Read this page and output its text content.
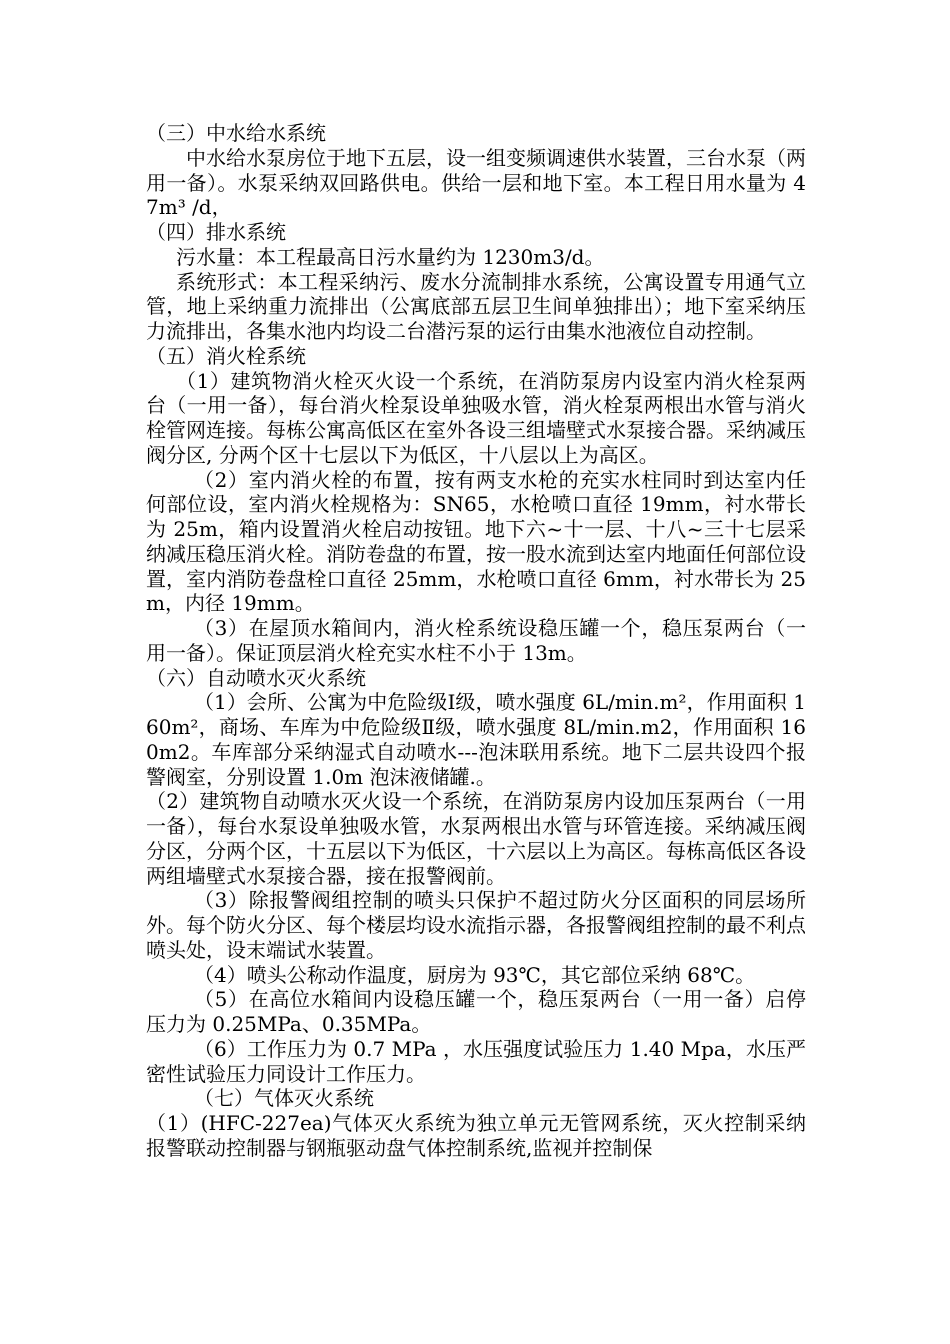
（三）中水给水系统

中水给水泵房位于地下五层，设一组变频调速供水装置，三台水泵（两用一备）。水泵采纳双回路供电。供给一层和地下室。本工程日用水量为 47m³ /d，

（四）排水系统

污水量：本工程最高日污水量约为 1230m3/d。

系统形式：本工程采纳污、废水分流制排水系统，公寓设置专用通气立管，地上采纳重力流排出（公寓底部五层卫生间单独排出）；地下室采纳压力流排出，各集水池内均设二台潜污泵的运行由集水池液位自动控制。

（五）消火栓系统

（1）建筑物消火栓灭火设一个系统，在消防泵房内设室内消火栓泵两台（一用一备），每台消火栓泵设单独吸水管，消火栓泵两根出水管与消火栓管网连接。每栋公寓高低区在室外各设三组墙壁式水泵接合器。采纳减压阀分区, 分两个区十七层以下为低区，十八层以上为高区。

（2）室内消火栓的布置，按有两支水枪的充实水柱同时到达室内任何部位设，室内消火栓规格为：SN65，水枪喷口直径 19mm，衬水带长为 25m，箱内设置消火栓启动按钮。地下六~十一层、十八~三十七层采纳减压稳压消火栓。消防卷盘的布置，按一股水流到达室内地面任何部位设置，室内消防卷盘栓口直径 25mm，水枪喷口直径 6mm，衬水带长为 25m，内径 19mm。

（3）在屋顶水箱间内，消火栓系统设稳压罐一个，稳压泵两台（一用一备）。保证顶层消火栓充实水柱不小于 13m。

（六）自动喷水灭火系统

（1）会所、公寓为中危险级Ⅰ级，喷水强度 6L/min.m²，作用面积 160m²，商场、车库为中危险级Ⅱ级，喷水强度 8L/min.m2，作用面积 160m2。车库部分采纳湿式自动喷水---泡沫联用系统。地下二层共设四个报警阀室，分别设置 1.0m 泡沫液储罐.。

（2）建筑物自动喷水灭火设一个系统，在消防泵房内设加压泵两台（一用一备），每台水泵设单独吸水管，水泵两根出水管与环管连接。采纳减压阀分区，分两个区，十五层以下为低区，十六层以上为高区。每栋高低区各设两组墙壁式水泵接合器，接在报警阀前。

（3）除报警阀组控制的喷头只保护不超过防火分区面积的同层场所外。每个防火分区、每个楼层均设水流指示器，各报警阀组控制的最不利点喷头处，设末端试水装置。

（4）喷头公称动作温度，厨房为 93℃，其它部位采纳 68℃。

（5）在高位水箱间内设稳压罐一个，稳压泵两台（一用一备）启停压力为 0.25MPa、0.35MPa。

（6）工作压力为 0.7 MPa ，水压强度试验压力 1.40 Mpa，水压严密性试验压力同设计工作压力。

（七）气体灭火系统

（1）(HFC-227ea)气体灭火系统为独立单元无管网系统，灭火控制采纳报警联动控制器与钢瓶驱动盘气体控制系统,监视并控制保
